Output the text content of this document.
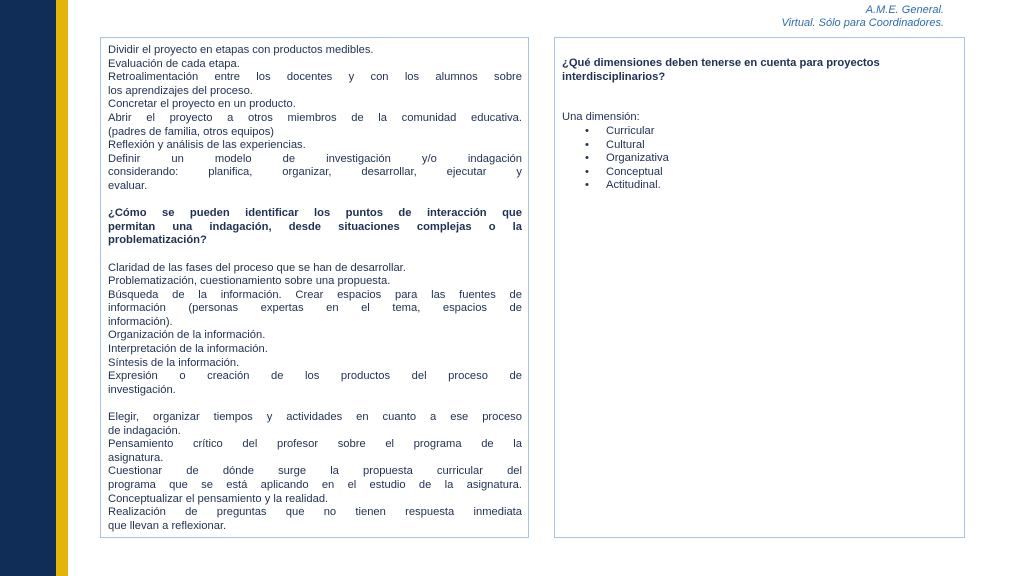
A.M.E. General.
Virtual. Sólo para Coordinadores.

Dividir el proyecto en etapas con productos medibles.

Evaluación de cada etapa.

Retroalimentación entre los docentes y con los alumnos sobre

los aprendizajes del proceso.

Concretar el proyecto en un producto.

Abrir el proyecto a otros miembros de la comunidad educativa.

(padres de familia, otros equipos)

Reflexión y análisis de las experiencias.

Definir un modelo de investigación y/o indagación

considerando: planifica, organizar, desarrollar, ejecutar y

evaluar.

¿Cómo se pueden identificar los puntos de interacción que

permitan una indagación, desde situaciones complejas o la

problematización?

Claridad de las fases del proceso que se han de desarrollar.

Problematización, cuestionamiento sobre una propuesta.

Búsqueda de la información. Crear espacios para las fuentes de

información (personas expertas en el tema, espacios de

información).

Organización de la información.

Interpretación de la información.

Síntesis de la información.

Expresión o creación de los productos del proceso de

investigación.

Elegir, organizar tiempos y actividades en cuanto a ese proceso

de indagación.

Pensamiento crítico del profesor sobre el programa de la

asignatura.

Cuestionar de dónde surge la propuesta curricular del

programa que se está aplicando en el estudio de la asignatura.

Conceptualizar el pensamiento y la realidad.

Realización de preguntas que no tienen respuesta inmediata

que llevan a reflexionar.

¿Qué dimensiones deben tenerse en cuenta para proyectos

interdisciplinarios?

Una dimensión:

• Curricular
• Cultural
• Organizativa
• Conceptual
• Actitudinal.
